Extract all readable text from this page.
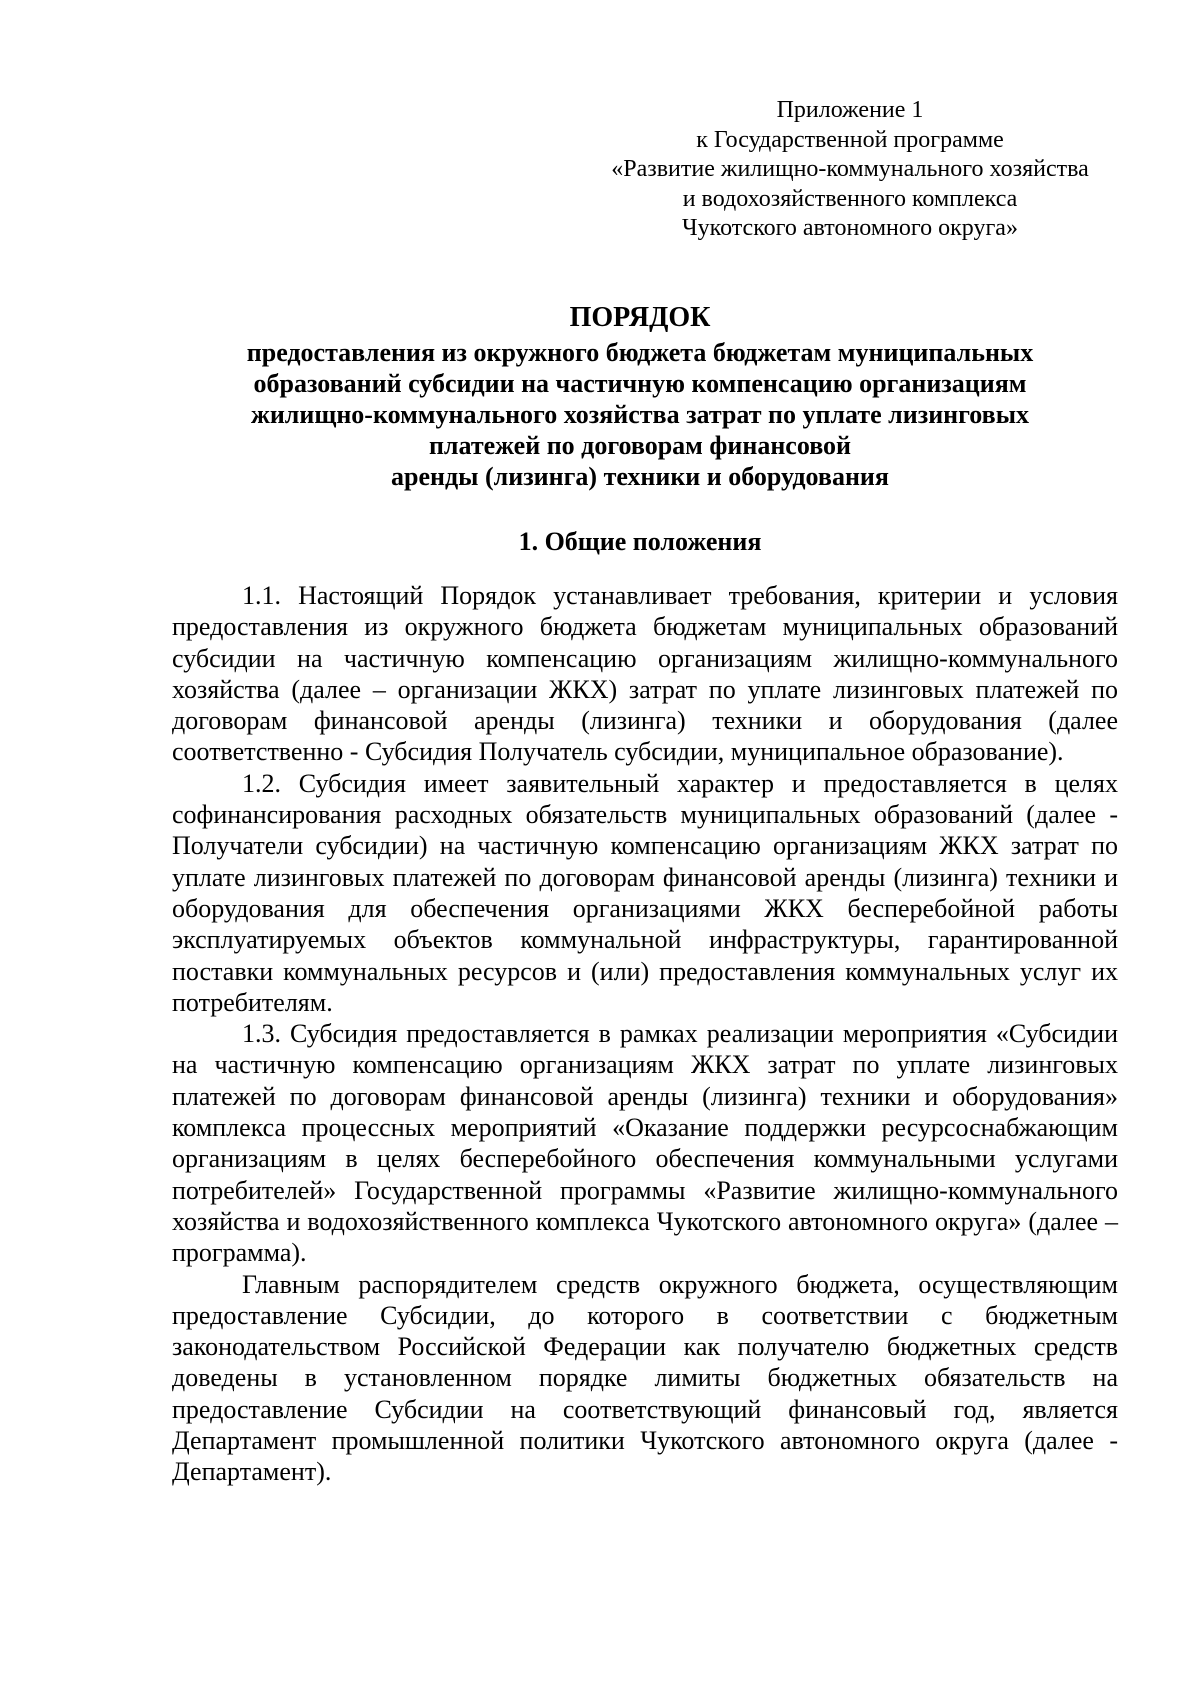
Приложение 1
к Государственной программе
«Развитие жилищно-коммунального хозяйства
и водохозяйственного комплекса
Чукотского автономного округа»
ПОРЯДОК
предоставления из окружного бюджета бюджетам муниципальных
образований субсидии на частичную компенсацию организациям
жилищно-коммунального хозяйства затрат по уплате лизинговых
платежей по договорам финансовой
аренды (лизинга) техники и оборудования
1. Общие положения

1.1. Настоящий Порядок устанавливает требования, критерии и условия предоставления из окружного бюджета бюджетам муниципальных образований субсидии на частичную компенсацию организациям жилищно-коммунального хозяйства (далее – организации ЖКХ) затрат по уплате лизинговых платежей по договорам финансовой аренды (лизинга) техники и оборудования (далее соответственно - Субсидия Получатель субсидии, муниципальное образование).

1.2. Субсидия имеет заявительный характер и предоставляется в целях софинансирования расходных обязательств муниципальных образований (далее - Получатели субсидии) на частичную компенсацию организациям ЖКХ затрат по уплате лизинговых платежей по договорам финансовой аренды (лизинга) техники и оборудования для обеспечения организациями ЖКХ бесперебойной работы эксплуатируемых объектов коммунальной инфраструктуры, гарантированной поставки коммунальных ресурсов и (или) предоставления коммунальных услуг их потребителям.

1.3. Субсидия предоставляется в рамках реализации мероприятия «Субсидии на частичную компенсацию организациям ЖКХ затрат по уплате лизинговых платежей по договорам финансовой аренды (лизинга) техники и оборудования» комплекса процессных мероприятий «Оказание поддержки ресурсоснабжающим организациям в целях бесперебойного обеспечения коммунальными услугами потребителей» Государственной программы «Развитие жилищно-коммунального хозяйства и водохозяйственного комплекса Чукотского автономного округа» (далее – программа).

Главным распорядителем средств окружного бюджета, осуществляющим предоставление Субсидии, до которого в соответствии с бюджетным законодательством Российской Федерации как получателю бюджетных средств доведены в установленном порядке лимиты бюджетных обязательств на предоставление Субсидии на соответствующий финансовый год, является Департамент промышленной политики Чукотского автономного округа (далее - Департамент).
